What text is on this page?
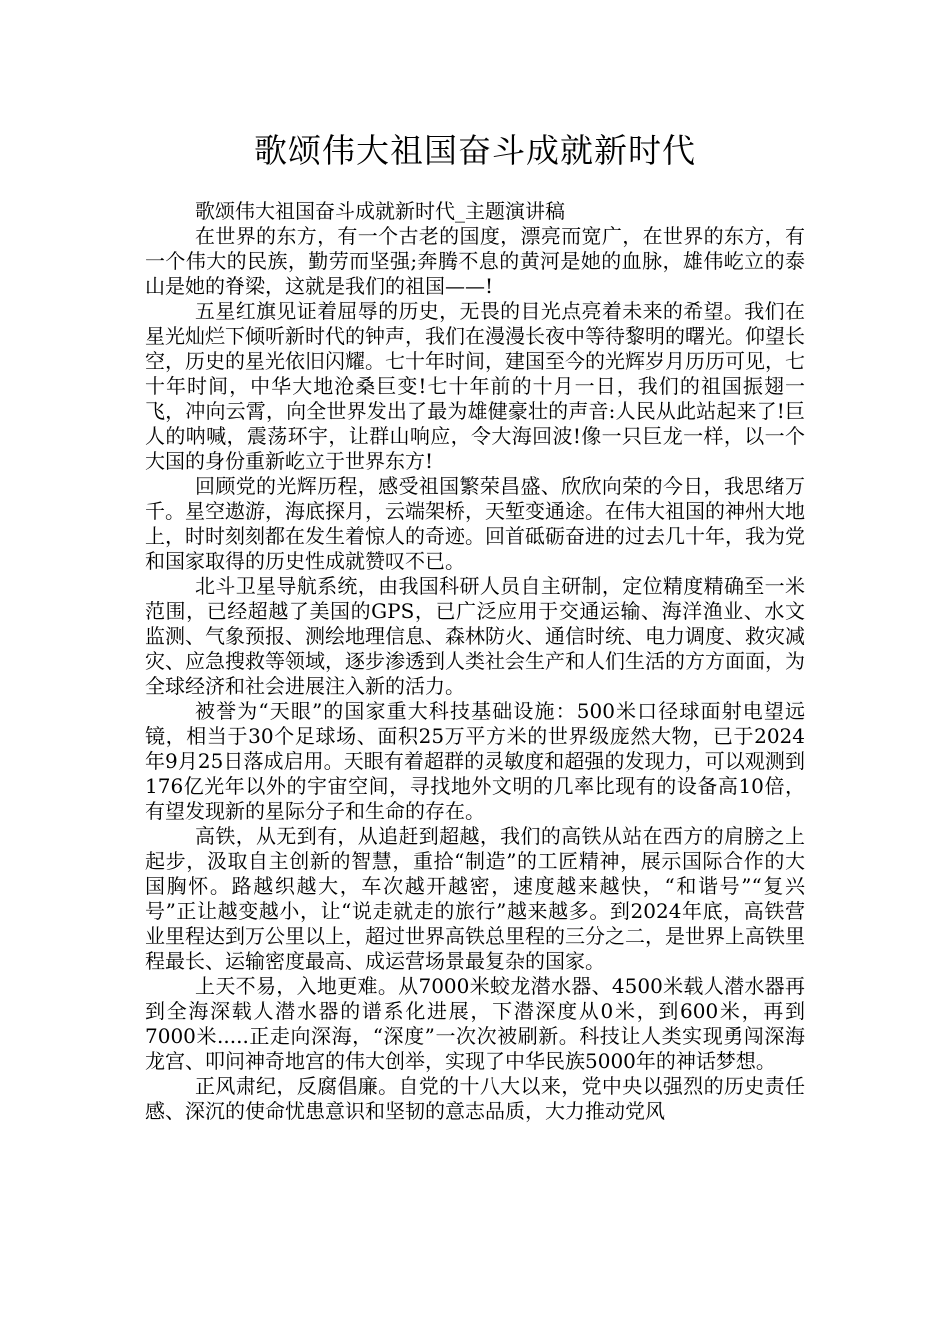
歌颂伟大祖国奋斗成就新时代

歌颂伟大祖国奋斗成就新时代_主题演讲稿

在世界的东方，有一个古老的国度，漂亮而宽广，在世界的东方，有一个伟大的民族，勤劳而坚强;奔腾不息的黄河是她的血脉，雄伟屹立的泰山是她的脊梁，这就是我们的祖国——!

五星红旗见证着屈辱的历史，无畏的目光点亮着未来的希望。我们在星光灿烂下倾听新时代的钟声，我们在漫漫长夜中等待黎明的曙光。仰望长空，历史的星光依旧闪耀。七十年时间，建国至今的光辉岁月历历可见，七十年时间，中华大地沧桑巨变!七十年前的十月一日，我们的祖国振翅一飞，冲向云霄，向全世界发出了最为雄健豪壮的声音:人民从此站起来了!巨人的呐喊，震荡环宇，让群山响应，令大海回波!像一只巨龙一样，以一个大国的身份重新屹立于世界东方!

回顾党的光辉历程，感受祖国繁荣昌盛、欣欣向荣的今日，我思绪万千。星空遨游，海底探月，云端架桥，天堑变通途。在伟大祖国的神州大地上，时时刻刻都在发生着惊人的奇迹。回首砥砺奋进的过去几十年，我为党和国家取得的历史性成就赞叹不已。

北斗卫星导航系统，由我国科研人员自主研制，定位精度精确至一米范围，已经超越了美国的GPS，已广泛应用于交通运输、海洋渔业、水文监测、气象预报、测绘地理信息、森林防火、通信时统、电力调度、救灾减灾、应急搜救等领域，逐步渗透到人类社会生产和人们生活的方方面面，为全球经济和社会进展注入新的活力。

被誉为“天眼”的国家重大科技基础设施：500米口径球面射电望远镜，相当于30个足球场、面积25万平方米的世界级庞然大物，已于2024年9月25日落成启用。天眼有着超群的灵敏度和超强的发现力，可以观测到176亿光年以外的宇宙空间，寻找地外文明的几率比现有的设备高10倍，有望发现新的星际分子和生命的存在。

高铁，从无到有，从追赶到超越，我们的高铁从站在西方的肩膀之上起步，汲取自主创新的智慧，重拾“制造”的工匠精神，展示国际合作的大国胸怀。路越织越大，车次越开越密，速度越来越快，“和谐号”“复兴号”正让越变越小，让“说走就走的旅行”越来越多。到2024年底，高铁营业里程达到万公里以上，超过世界高铁总里程的三分之二，是世界上高铁里程最长、运输密度最高、成运营场景最复杂的国家。

上天不易，入地更难。从7000米蛟龙潜水器、4500米载人潜水器再到全海深载人潜水器的谱系化进展，下潜深度从0米，到600米，再到7000米.....正走向深海，“深度”一次次被刷新。科技让人类实现勇闯深海龙宫、叩问神奇地宫的伟大创举，实现了中华民族5000年的神话梦想。

正风肃纪，反腐倡廉。自党的十八大以来，党中央以强烈的历史责任感、深沉的使命忧患意识和坚韧的意志品质，大力推动党风
